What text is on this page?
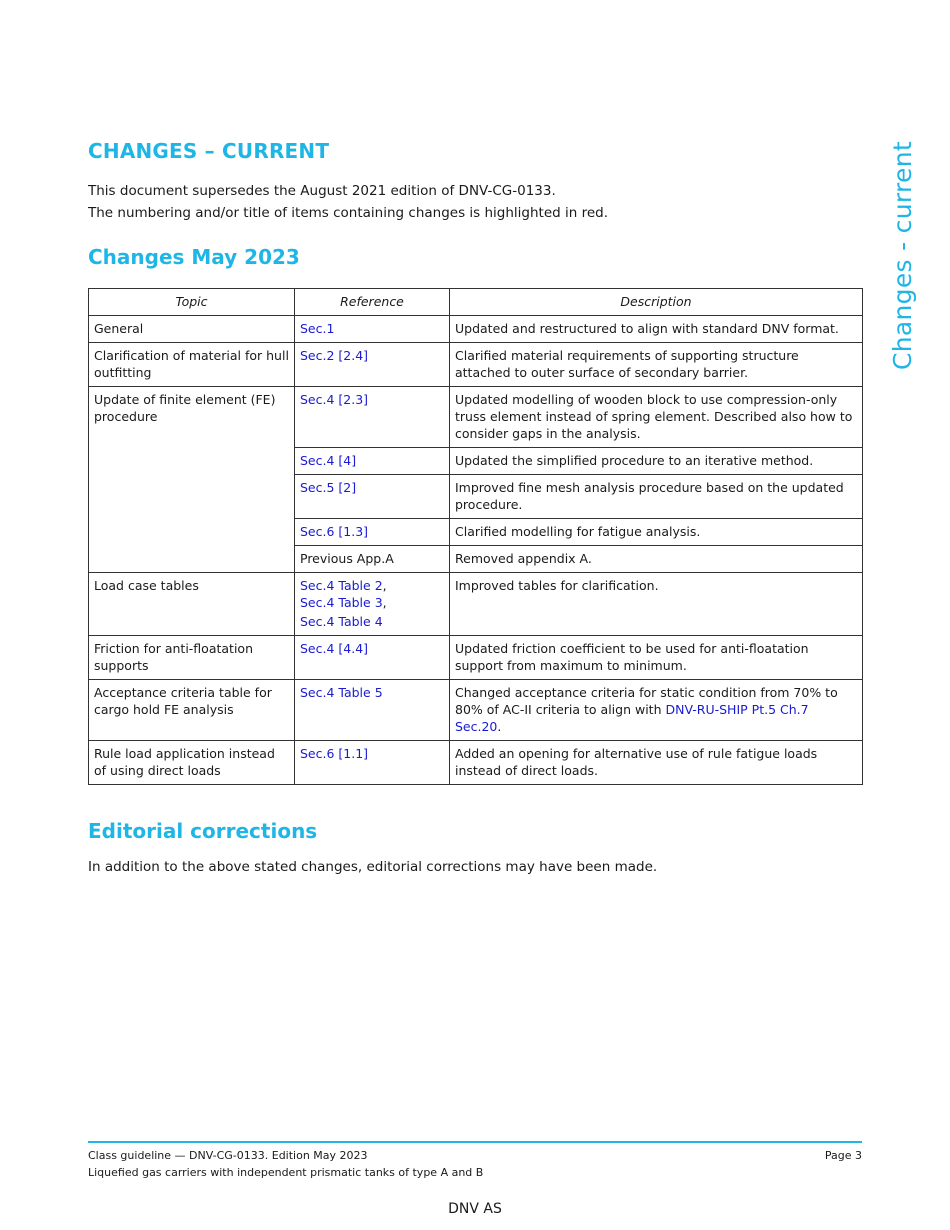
Changes - current
CHANGES – CURRENT

This document supersedes the August 2021 edition of DNV-CG-0133.

The numbering and/or title of items containing changes is highlighted in red.

Changes May 2023
Topic	Reference	Description
General	Sec.1	Updated and restructured to align with standard DNV format.
Clarification of material for hull outfitting	Sec.2 [2.4]	Clarified material requirements of supporting structure attached to outer surface of secondary barrier.
Update of finite element (FE) procedure	Sec.4 [2.3]	Updated modelling of wooden block to use compression-only truss element instead of spring element. Described also how to consider gaps in the analysis.
	Sec.4 [4]	Updated the simplified procedure to an iterative method.
	Sec.5 [2]	Improved fine mesh analysis procedure based on the updated procedure.
	Sec.6 [1.3]	Clarified modelling for fatigue analysis.
	Previous App.A	Removed appendix A.
Load case tables	Sec.4 Table 2,
Sec.4 Table 3,
Sec.4 Table 4	Improved tables for clarification.
Friction for anti-floatation supports	Sec.4 [4.4]	Updated friction coefficient to be used for anti-floatation support from maximum to minimum.
Acceptance criteria table for cargo hold FE analysis	Sec.4 Table 5	Changed acceptance criteria for static condition from 70% to 80% of AC-II criteria to align with DNV-RU-SHIP Pt.5 Ch.7 Sec.20.
Rule load application instead of using direct loads	Sec.6 [1.1]	Added an opening for alternative use of rule fatigue loads instead of direct loads.
Editorial corrections

In addition to the above stated changes, editorial corrections may have been made.

Class guideline — DNV-CG-0133. Edition May 2023	Page 3
Liquefied gas carriers with independent prismatic tanks of type A and B
DNV AS
